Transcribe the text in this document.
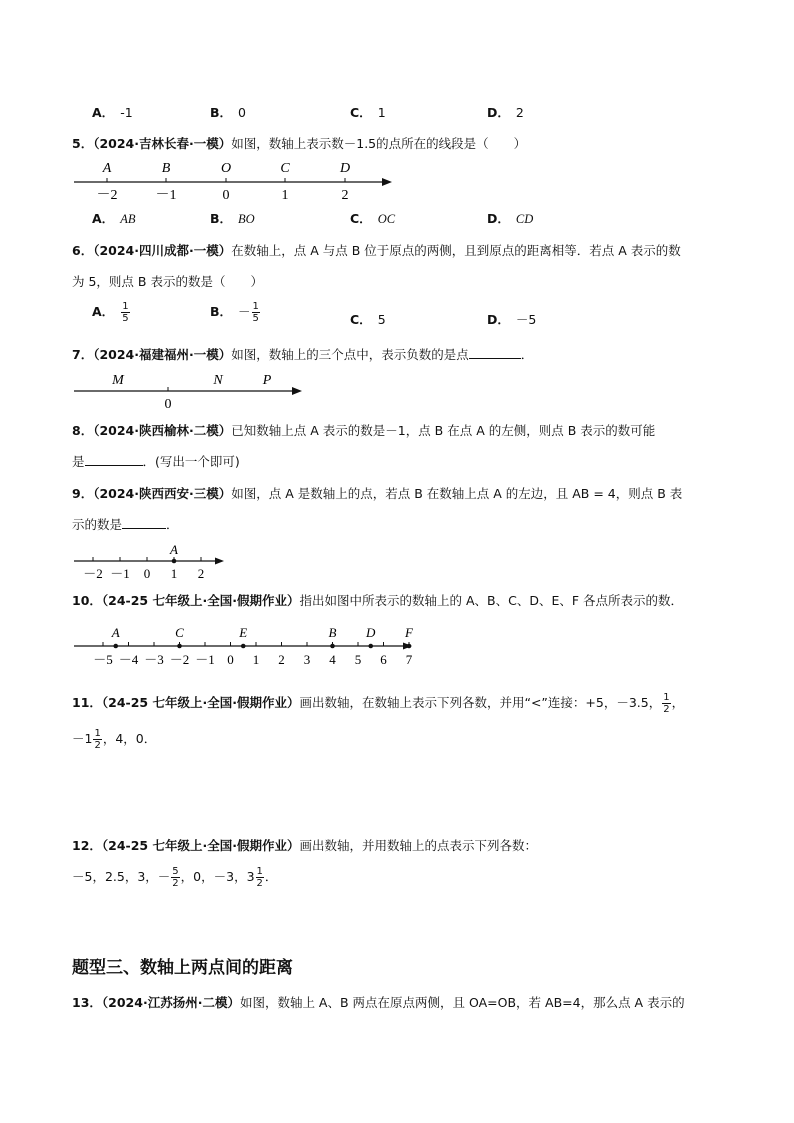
A． -1	B． 0	C． 1	D． 2
5．（2024·吉林长春·一模）如图，数轴上表示数－1.5的点所在的线段是（　　）
A	B	O	C	D
－2	－1	0	1	2
A． AB	B． BO	C． OC	D． CD
6．（2024·四川成都·一模）在数轴上，点 A 与点 B 位于原点的两侧，且到原点的距离相等．若点 A 表示的数
为 5，则点 B 表示的数是（　　）
A． $\frac{1}{5}$	B． － $\frac{1}{5}$	C． 5	D． －5
7．（2024·福建福州·一模）如图，数轴上的三个点中，表示负数的是点	．
M	N	P
0
8．（2024·陕西榆林·二模）已知数轴上点 A 表示的数是－1，点 B 在点 A 的左侧，则点 B 表示的数可能
是	．(写出一个即可)
9．（2024·陕西西安·三模）如图，点 A 是数轴上的点，若点 B 在数轴上点 A 的左边，且 AB = 4，则点 B 表
示的数是	．
A
－2 －1 0 1 2
10．（24-25 七年级上·全国·假期作业）指出如图中所表示的数轴上的 A、B、C、D、E、F 各点所表示的数．
－5 －4 －3 －2 －1 0 1 2 3 4 5 6 7
A	C	E	B D F
11．（24-25 七年级上·全国·假期作业）画出数轴，在数轴上表示下列各数，并用“<”连接：+5，－3.5， $\frac{1}{2}$ ，
$-1 \frac{1}{2}$ ，4，0．
12．（24-25 七年级上·全国·假期作业）画出数轴，并用数轴上的点表示下列各数：
－5，2.5，3，－ $\frac{5}{2}$ ，0，－3，$3 \frac{1}{2}$ ．
题型三、数轴上两点间的距离
13．（2024·江苏扬州·二模）如图，数轴上 A、B 两点在原点两侧，且 OA=OB，若 AB=4，那么点 A 表示的
